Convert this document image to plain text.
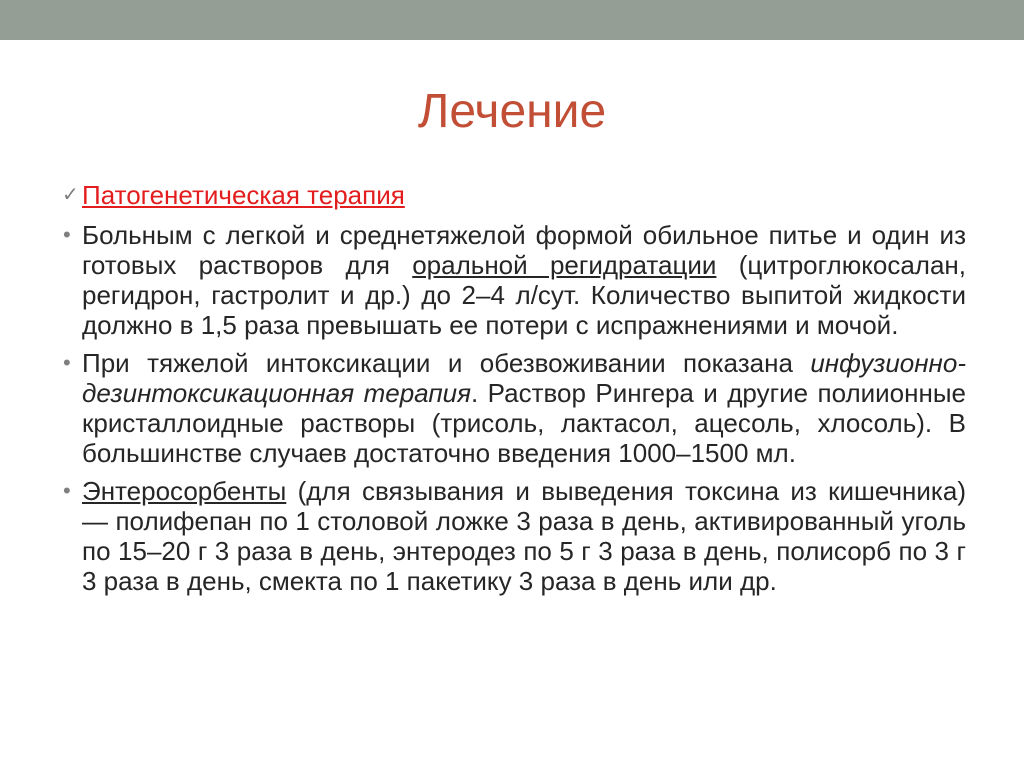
Лечение
✓ Патогенетическая терапия
• Больным с легкой и среднетяжелой формой обильное питье и один из готовых растворов для оральной регидратации (цитроглюкосалан, регидрон, гастролит и др.) до 2–4 л/сут. Количество выпитой жидкости должно в 1,5 раза превышать ее потери с испражнениями и мочой.
• При тяжелой интоксикации и обезвоживании показана инфузионно-дезинтоксикационная терапия. Раствор Рингера и другие полиионные кристаллоидные растворы (трисоль, лактасол, ацесоль, хлосоль). В большинстве случаев достаточно введения 1000–1500 мл.
• Энтеросорбенты (для связывания и выведения токсина из кишечника) — полифепан по 1 столовой ложке 3 раза в день, активированный уголь по 15–20 г 3 раза в день, энтеродез по 5 г 3 раза в день, полисорб по 3 г 3 раза в день, смекта по 1 пакетику 3 раза в день или др.
